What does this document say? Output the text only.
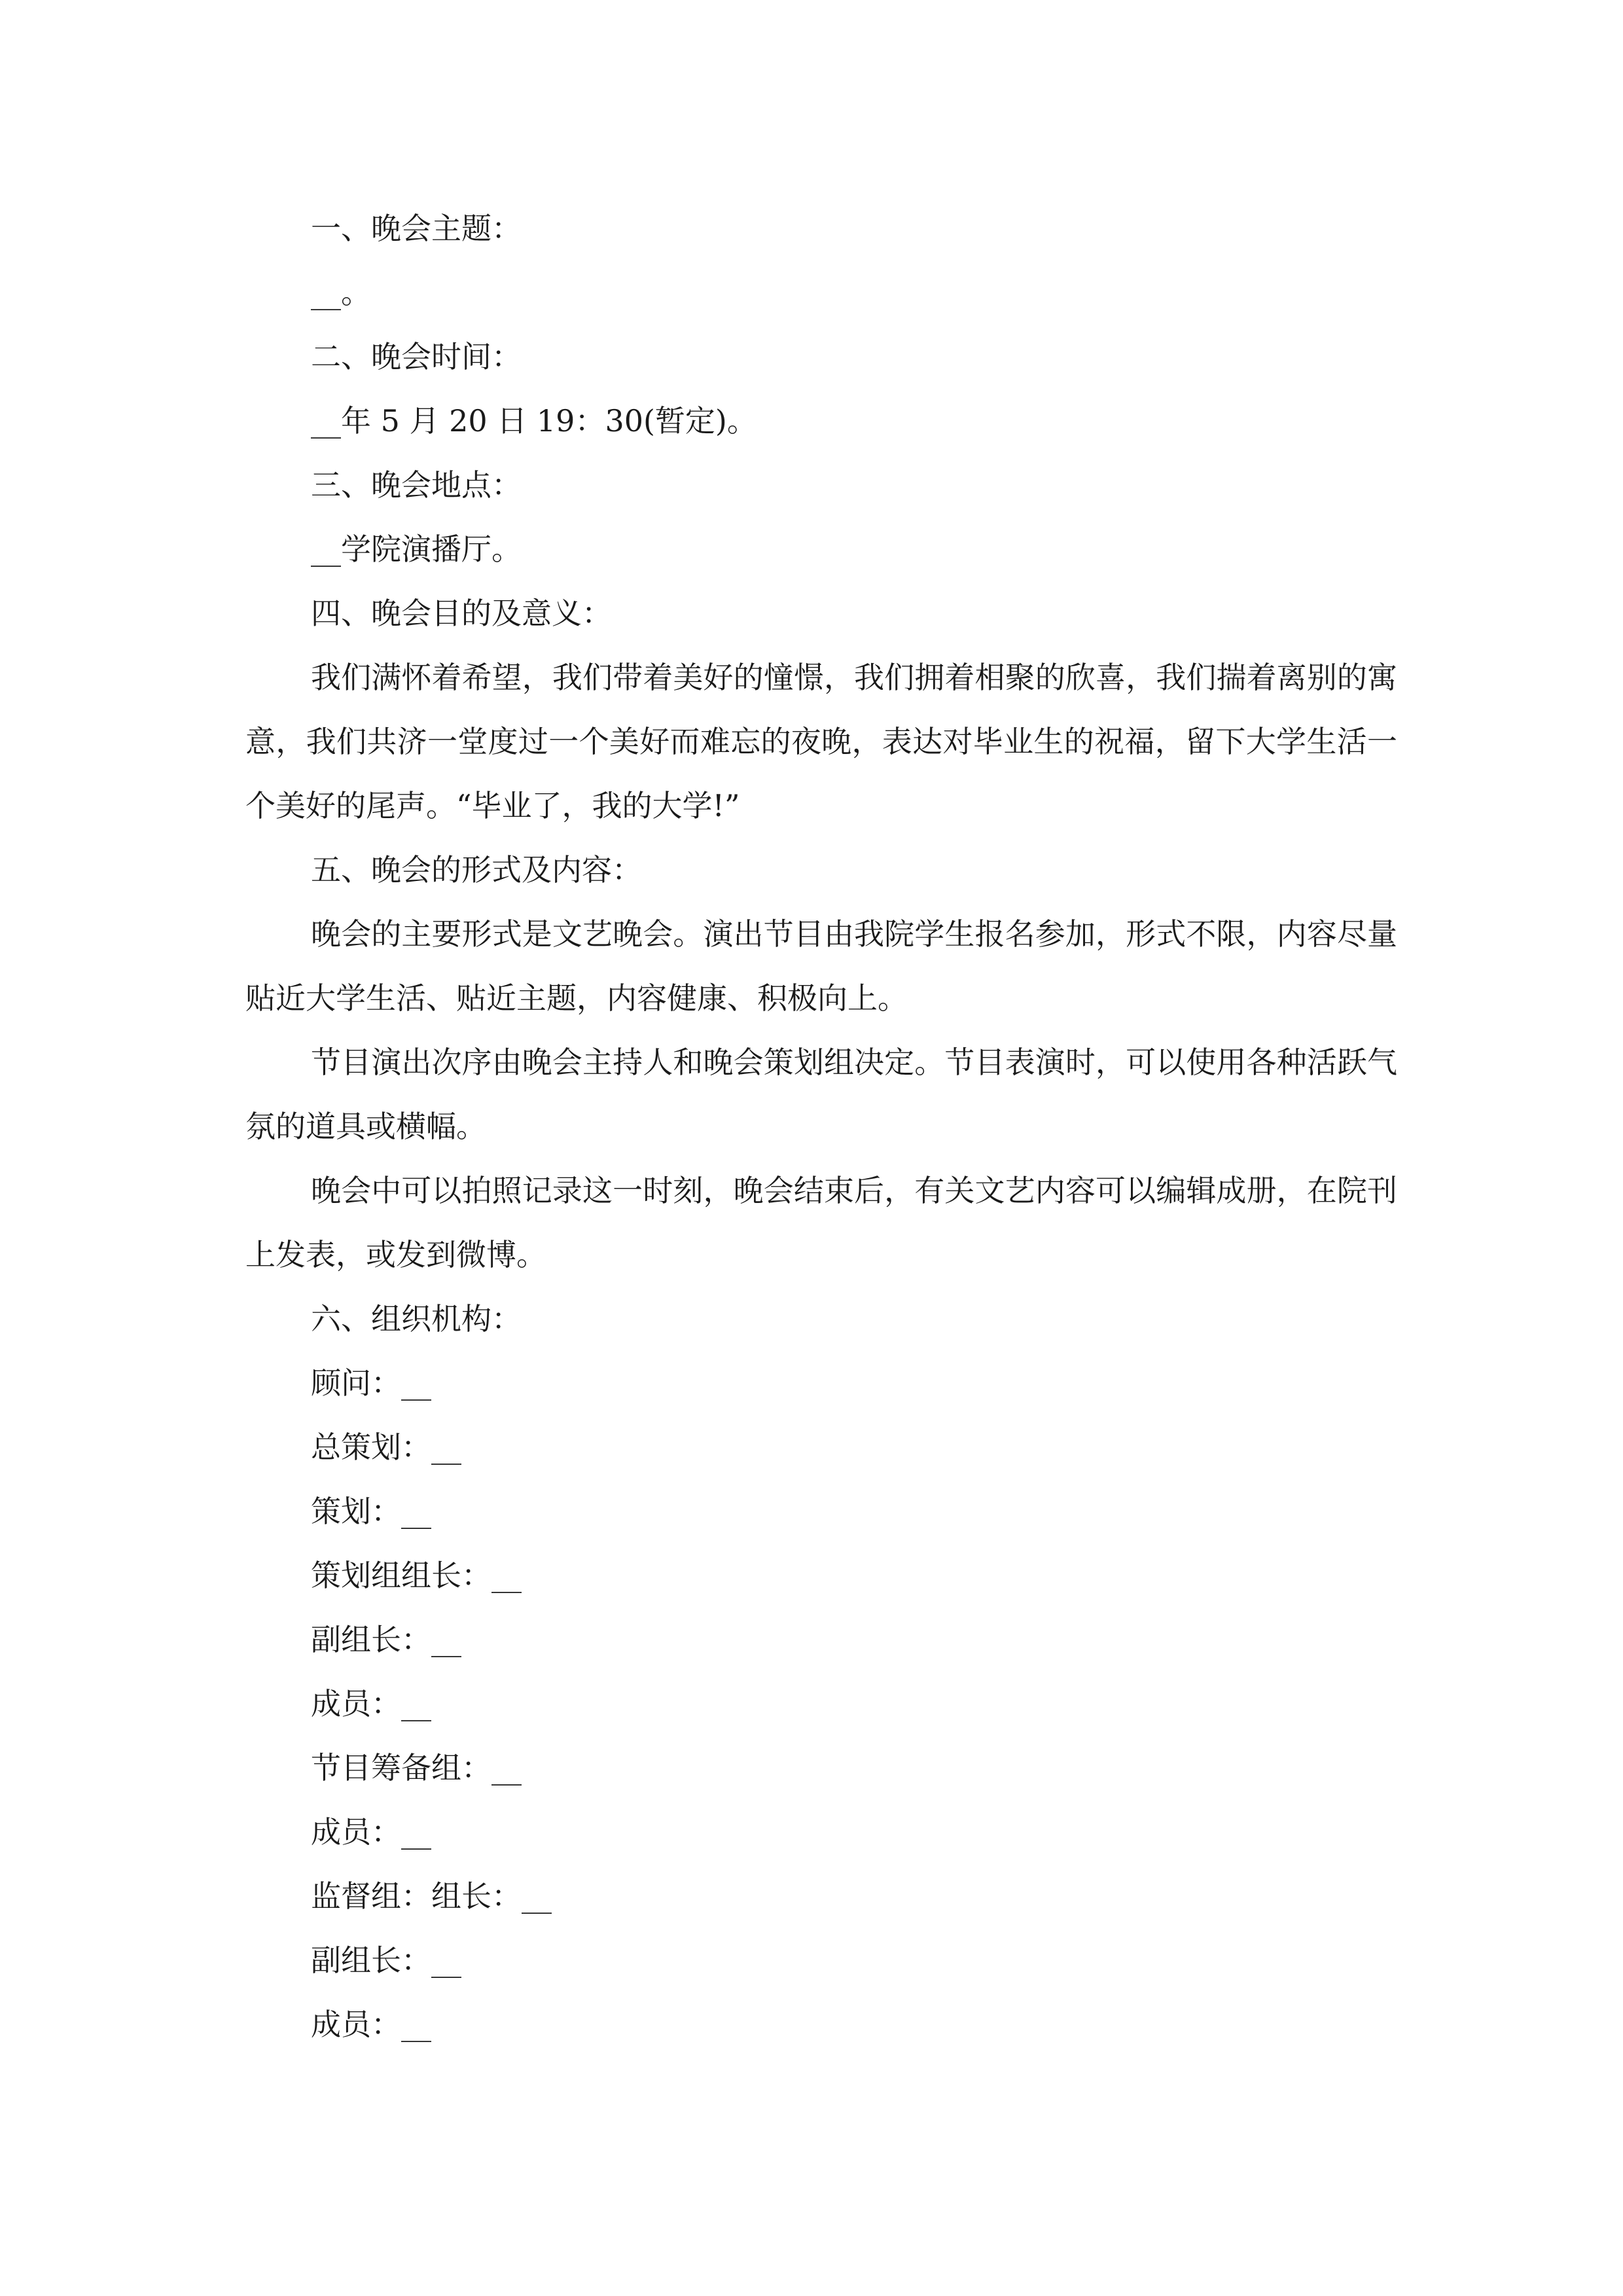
一、晚会主题：
__。
二、晚会时间：
__年 5 月 20 日 19：30(暂定)。
三、晚会地点：
__学院演播厅。
四、晚会目的及意义：
我们满怀着希望，我们带着美好的憧憬，我们拥着相聚的欣喜，我们揣着离别的寓意，我们共济一堂度过一个美好而难忘的夜晚，表达对毕业生的祝福，留下大学生活一个美好的尾声。“毕业了，我的大学!”
五、晚会的形式及内容：
晚会的主要形式是文艺晚会。演出节目由我院学生报名参加，形式不限，内容尽量贴近大学生活、贴近主题，内容健康、积极向上。
节目演出次序由晚会主持人和晚会策划组决定。节目表演时，可以使用各种活跃气氛的道具或横幅。
晚会中可以拍照记录这一时刻，晚会结束后，有关文艺内容可以编辑成册，在院刊上发表，或发到微博。
六、组织机构：
顾问：__
总策划：__
策划：__
策划组组长：__
副组长：__
成员：__
节目筹备组：__
成员：__
监督组：组长：__
副组长：__
成员：__
